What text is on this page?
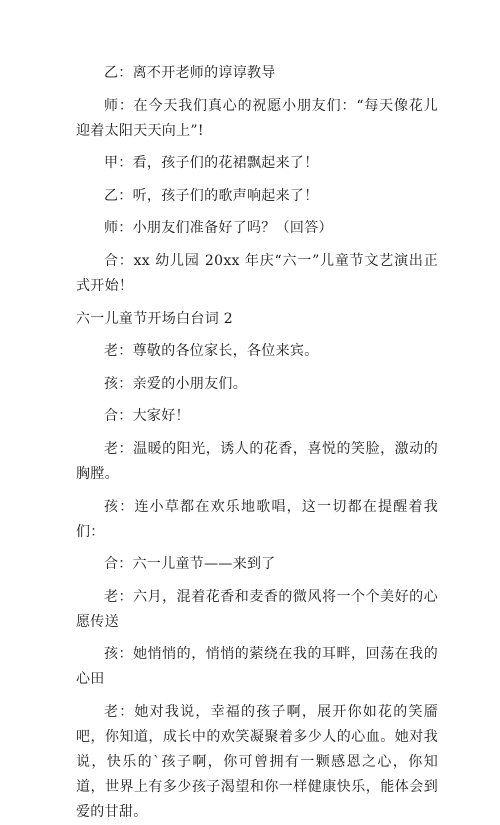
乙：离不开老师的谆谆教导

师：在今天我们真心的祝愿小朋友们：“每天像花儿迎着太阳天天向上”!

甲：看，孩子们的花裙飘起来了！

乙：听，孩子们的歌声响起来了！

师：小朋友们准备好了吗？（回答）

合：xx 幼儿园 20xx 年庆“六一”儿童节文艺演出正式开始！

六一儿童节开场白台词 2

老：尊敬的各位家长，各位来宾。

孩：亲爱的小朋友们。

合：大家好！

老：温暖的阳光，诱人的花香，喜悦的笑脸，激动的胸膛。

孩：连小草都在欢乐地歌唱，这一切都在提醒着我们：

合：六一儿童节——来到了

老：六月，混着花香和麦香的微风将一个个美好的心愿传送

孩：她悄悄的，悄悄的萦绕在我的耳畔，回荡在我的心田

老：她对我说，幸福的孩子啊，展开你如花的笑靥吧，你知道，成长中的欢笑凝聚着多少人的心血。她对我说，快乐的`孩子啊，你可曾拥有一颗感恩之心，你知道，世界上有多少孩子渴望和你一样健康快乐，能体会到爱的甘甜。
